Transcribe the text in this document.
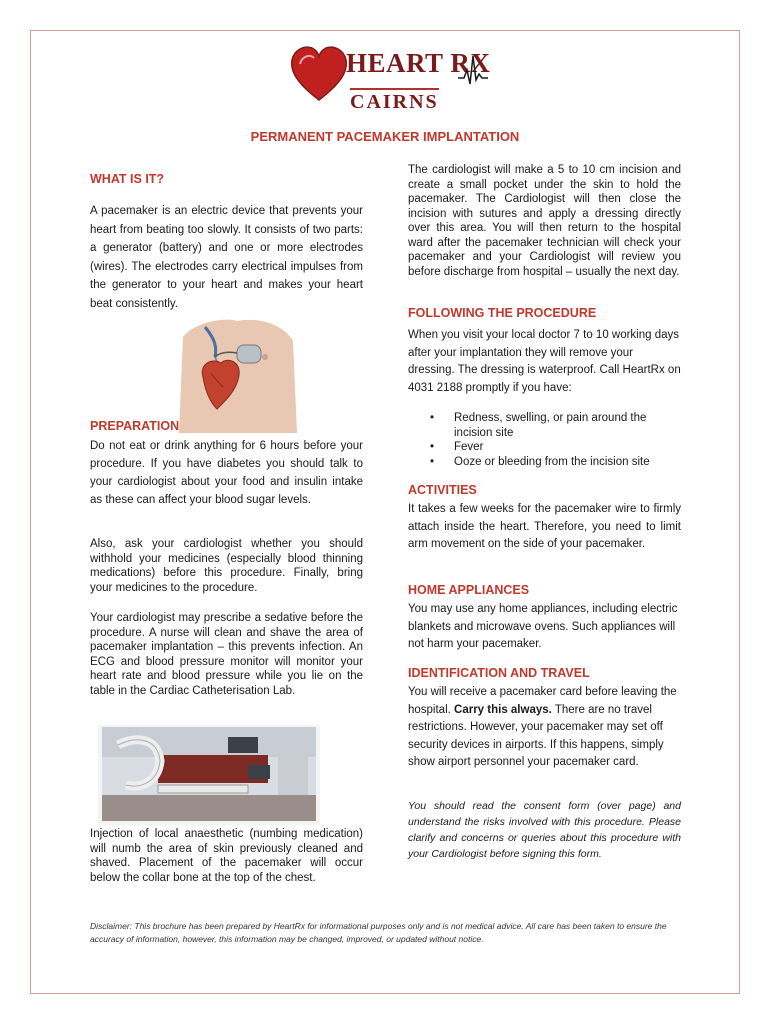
HEART RX
CAIRNS
PERMANENT PACEMAKER IMPLANTATION
WHAT IS IT?

A pacemaker is an electric device that prevents your heart from beating too slowly. It consists of two parts: a generator (battery) and one or more electrodes (wires). The electrodes carry electrical impulses from the generator to your heart and makes your heart beat consistently.

PREPARATION

Do not eat or drink anything for 6 hours before your procedure. If you have diabetes you should talk to your cardiologist about your food and insulin intake as these can affect your blood sugar levels.

Also, ask your cardiologist whether you should withhold your medicines (especially blood thinning medications) before this procedure. Finally, bring your medicines to the procedure.

Your cardiologist may prescribe a sedative before the procedure. A nurse will clean and shave the area of pacemaker implantation – this prevents infection. An ECG and blood pressure monitor will monitor your heart rate and blood pressure while you lie on the table in the Cardiac Catheterisation Lab.

Injection of local anaesthetic (numbing medication) will numb the area of skin previously cleaned and shaved. Placement of the pacemaker will occur below the collar bone at the top of the chest.

The cardiologist will make a 5 to 10 cm incision and create a small pocket under the skin to hold the pacemaker. The Cardiologist will then close the incision with sutures and apply a dressing directly over this area. You will then return to the hospital ward after the pacemaker technician will check your pacemaker and your Cardiologist will review you before discharge from hospital – usually the next day.

FOLLOWING THE PROCEDURE

When you visit your local doctor 7 to 10 working days after your implantation they will remove your dressing. The dressing is waterproof. Call HeartRx on 4031 2188 promptly if you have:

• Redness, swelling, or pain around the incision site
• Fever
• Ooze or bleeding from the incision site
ACTIVITIES

It takes a few weeks for the pacemaker wire to firmly attach inside the heart. Therefore, you need to limit arm movement on the side of your pacemaker.

HOME APPLIANCES

You may use any home appliances, including electric blankets and microwave ovens. Such appliances will not harm your pacemaker.

IDENTIFICATION AND TRAVEL

You will receive a pacemaker card before leaving the hospital. Carry this always. There are no travel restrictions. However, your pacemaker may set off security devices in airports. If this happens, simply show airport personnel your pacemaker card.

You should read the consent form (over page) and understand the risks involved with this procedure. Please clarify and concerns or queries about this procedure with your Cardiologist before signing this form.

Disclaimer: This brochure has been prepared by HeartRx for informational purposes only and is not medical advice. All care has been taken to ensure the accuracy of information, however, this information may be changed, improved, or updated without notice.
